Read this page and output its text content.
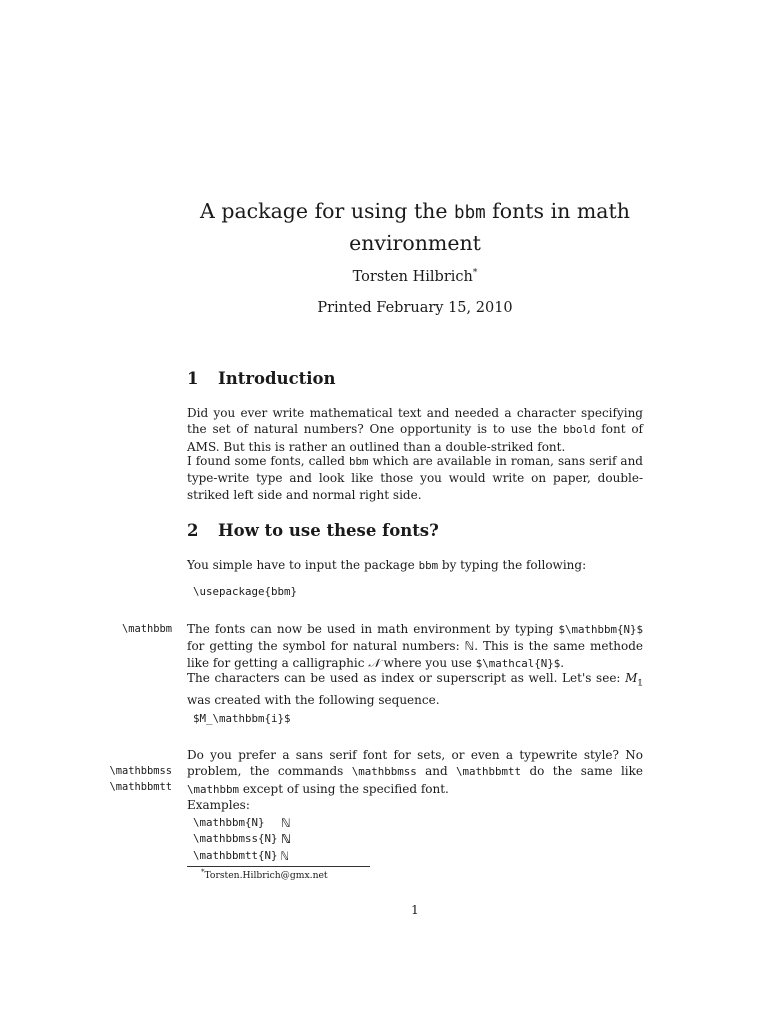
A package for using the bbm fonts in math
environment
Torsten Hilbrich*
Printed February 15, 2010
1 Introduction
Did you ever write mathematical text and needed a character specifying the set of natural numbers? One opportunity is to use the bbold font of AMS. But this is rather an outlined than a double-striked font.
I found some fonts, called bbm which are available in roman, sans serif and type-write type and look like those you would write on paper, double-striked left side and normal right side.
2 How to use these fonts?
You simple have to input the package bbm by typing the following:
\usepackage{bbm}
\mathbbm The fonts can now be used in math environment by typing $\mathbbm{N}$ for getting the symbol for natural numbers: ℕ. This is the same methode like for getting a calligraphic 𝒩 where you use $\mathcal{N}$.
The characters can be used as index or superscript as well. Let's see: $M_𝟙$ was created with the following sequence.
$M_\mathbbm{i}$
\mathbbmss
\mathbbmtt
Do you prefer a sans serif font for sets, or even a typewrite style? No problem, the commands \mathbbmss and \mathbbmtt do the same like \mathbbm except of using the specified font.
Examples:
\mathbbm{N}	ℕ
\mathbbmss{N} ℕ
\mathbbmtt{N} ℕ
*Torsten.Hilbrich@gmx.net
1
